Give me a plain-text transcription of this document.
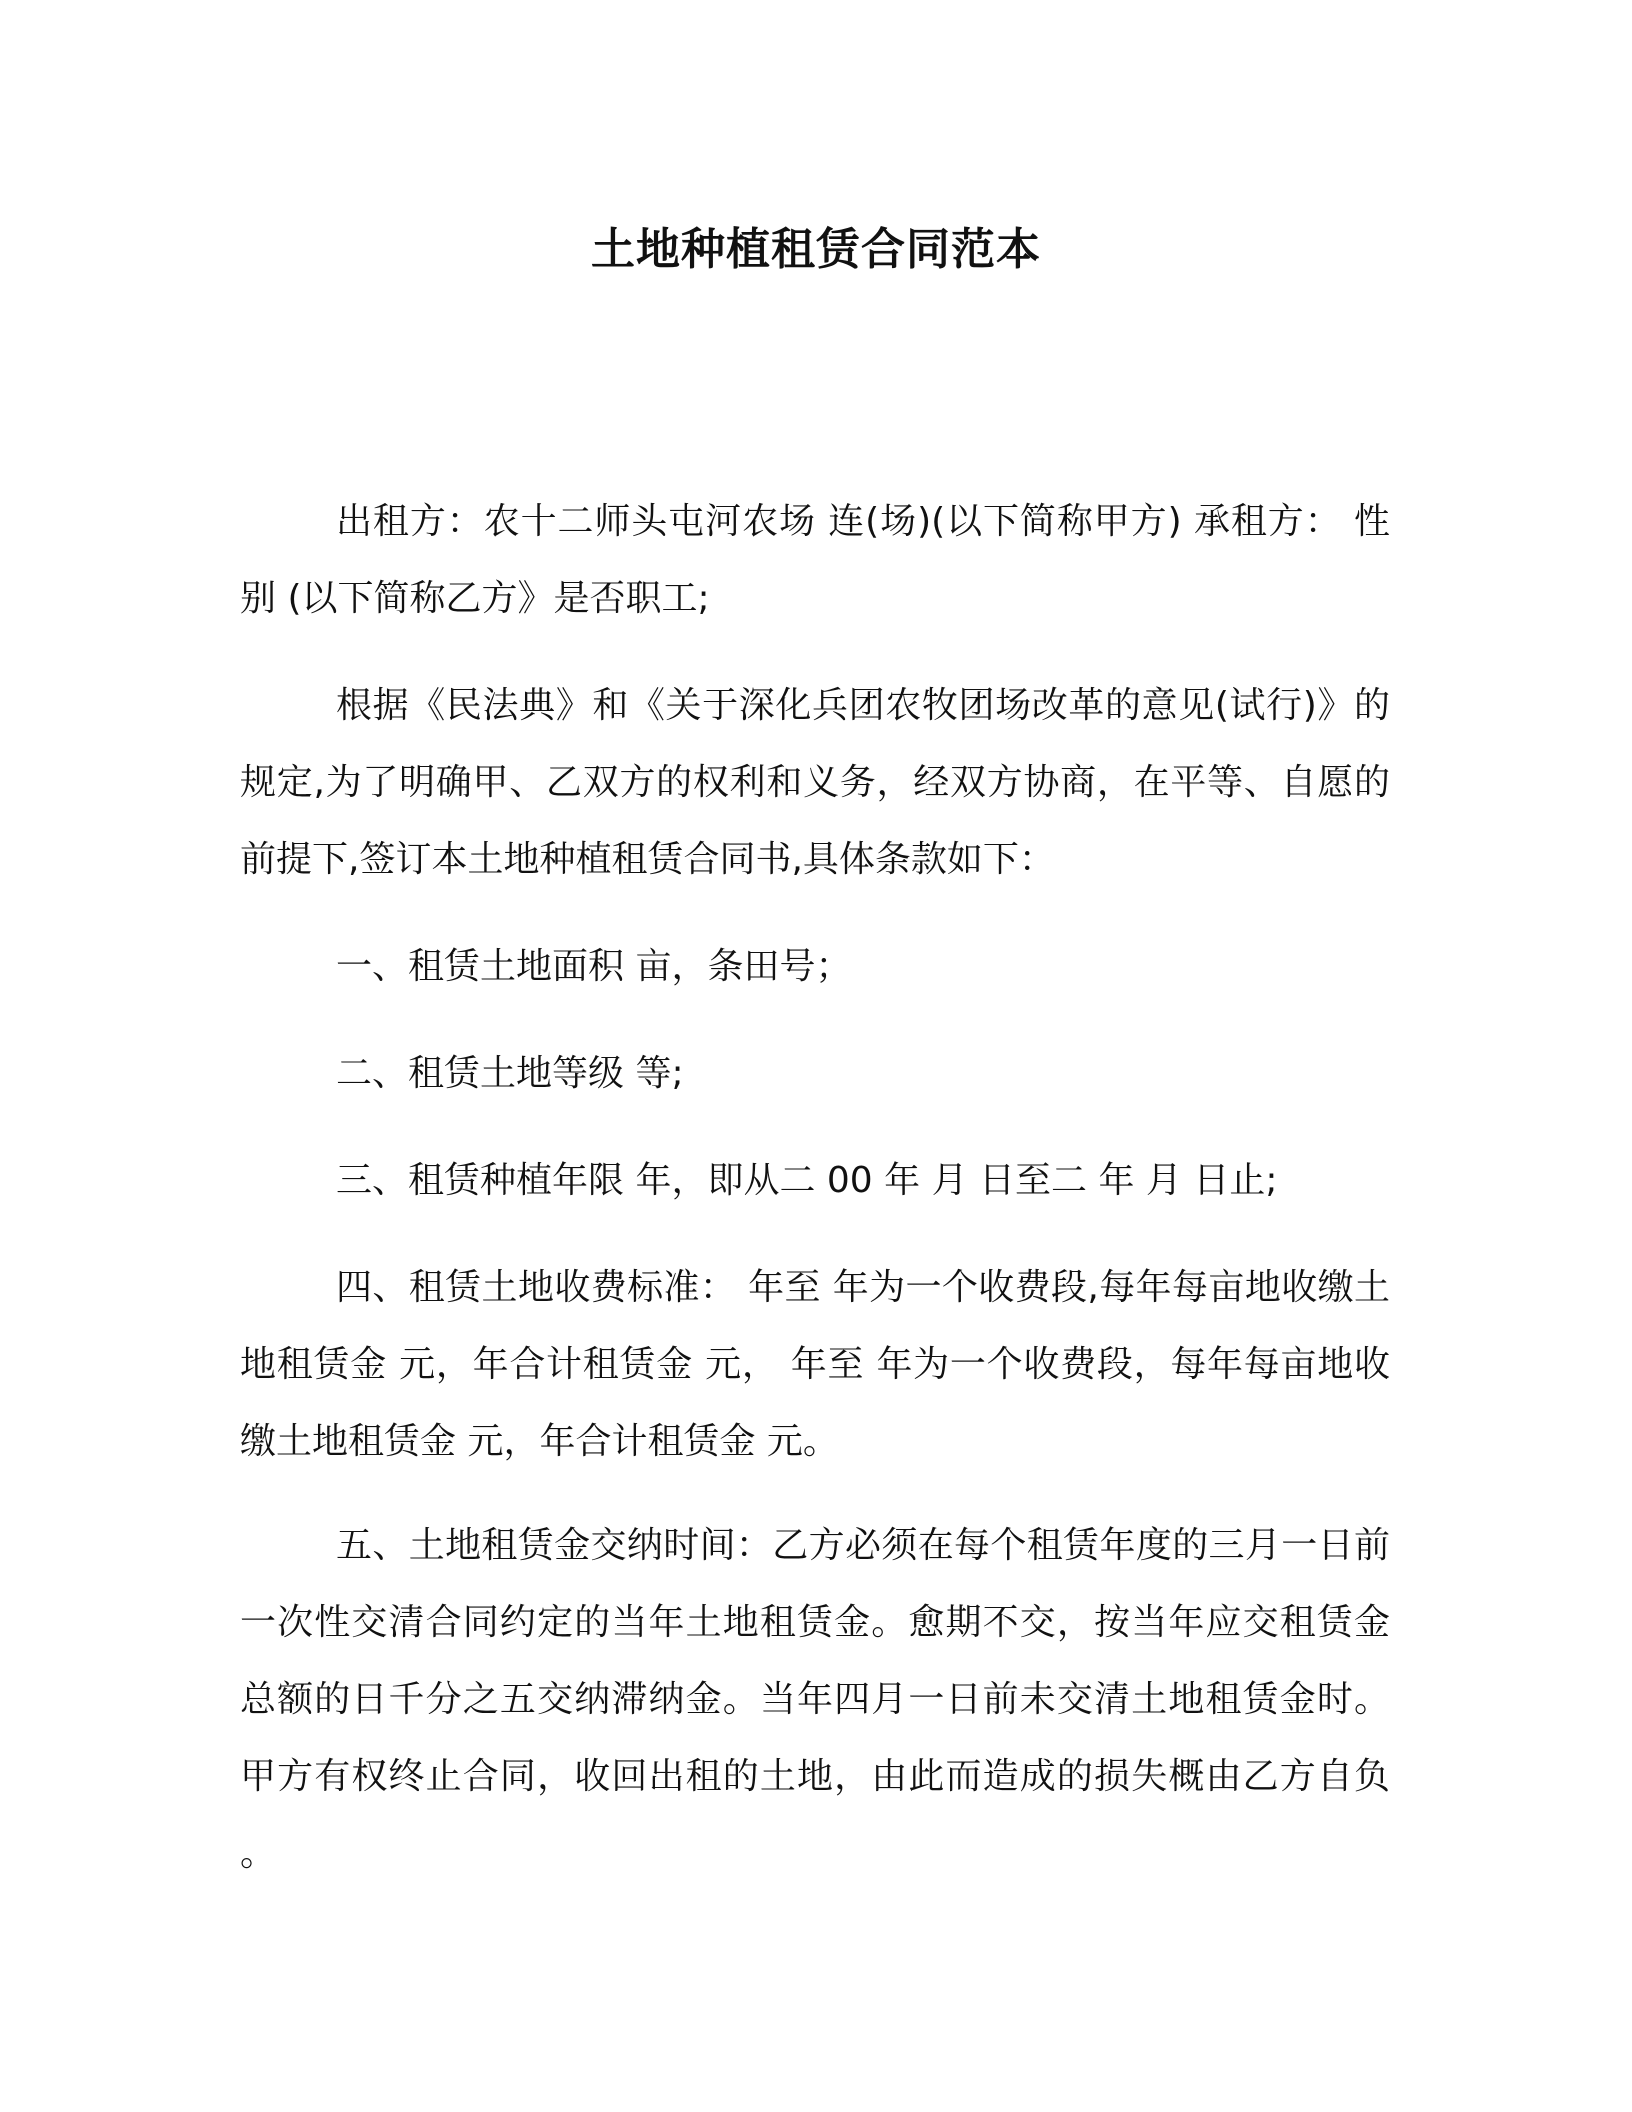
土地种植租赁合同范本

出租方：农十二师头屯河农场 连(场)(以下简称甲方) 承租方： 性别 (以下简称乙方》是否职工;

根据《民法典》和《关于深化兵团农牧团场改革的意见(试行)》的规定,为了明确甲、乙双方的权利和义务，经双方协商，在平等、自愿的前提下,签订本土地种植租赁合同书,具体条款如下：

一、租赁土地面积 亩，条田号；

二、租赁土地等级 等;

三、租赁种植年限 年，即从二 00 年 月 日至二 年 月 日止;

四、租赁土地收费标准： 年至 年为一个收费段,每年每亩地收缴土地租赁金 元，年合计租赁金 元， 年至 年为一个收费段，每年每亩地收缴土地租赁金 元，年合计租赁金 元。

五、土地租赁金交纳时间：乙方必须在每个租赁年度的三月一日前一次性交清合同约定的当年土地租赁金。愈期不交，按当年应交租赁金总额的日千分之五交纳滞纳金。当年四月一日前未交清土地租赁金时。甲方有权终止合同，收回出租的土地，由此而造成的损失概由乙方自负。
